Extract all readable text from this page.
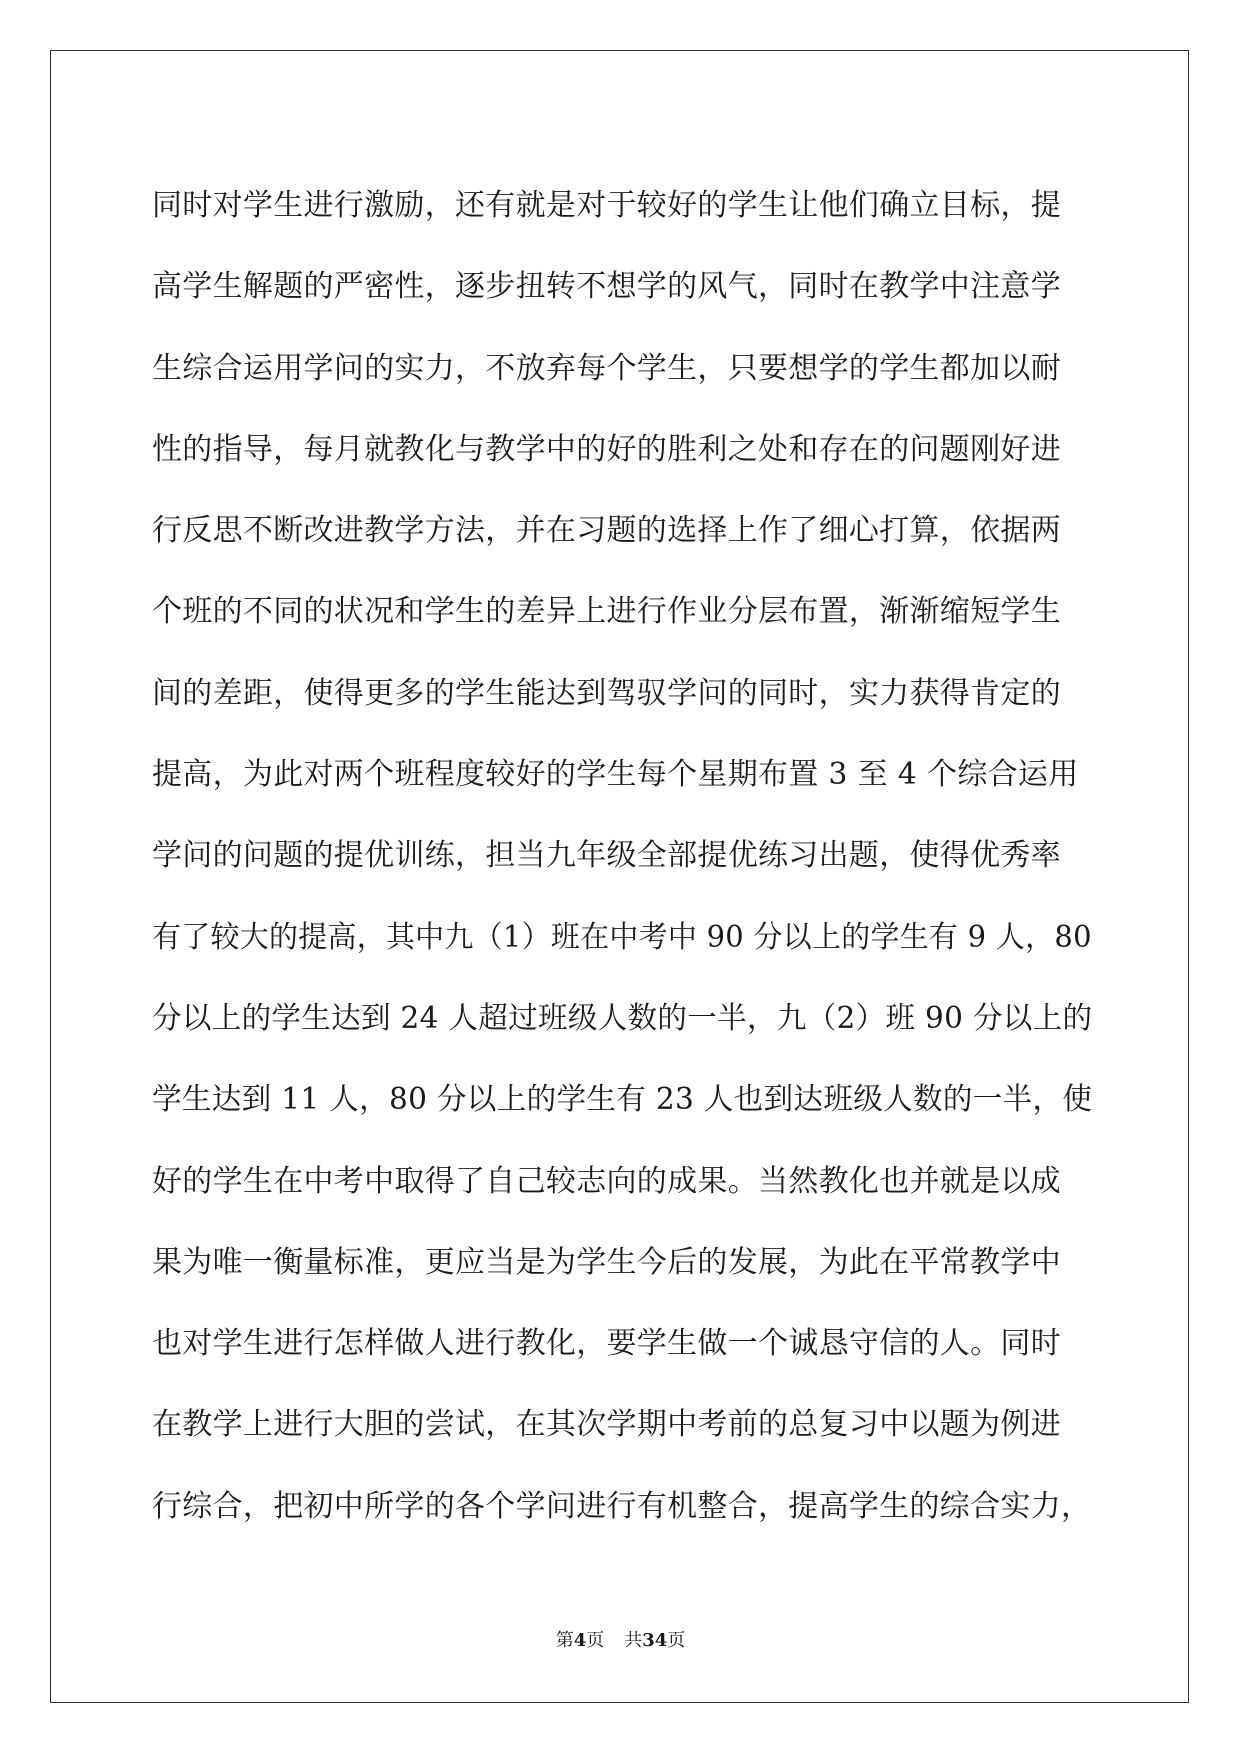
同时对学生进行激励，还有就是对于较好的学生让他们确立目标，提
高学生解题的严密性，逐步扭转不想学的风气，同时在教学中注意学
生综合运用学问的实力，不放弃每个学生，只要想学的学生都加以耐
性的指导，每月就教化与教学中的好的胜利之处和存在的问题刚好进
行反思不断改进教学方法，并在习题的选择上作了细心打算，依据两
个班的不同的状况和学生的差异上进行作业分层布置，渐渐缩短学生
间的差距，使得更多的学生能达到驾驭学问的同时，实力获得肯定的
提高，为此对两个班程度较好的学生每个星期布置 3 至 4 个综合运用
学问的问题的提优训练，担当九年级全部提优练习出题，使得优秀率
有了较大的提高，其中九（1）班在中考中 90 分以上的学生有 9 人，80
分以上的学生达到 24 人超过班级人数的一半，九（2）班 90 分以上的
学生达到 11 人，80 分以上的学生有 23 人也到达班级人数的一半，使
好的学生在中考中取得了自己较志向的成果。当然教化也并就是以成
果为唯一衡量标准，更应当是为学生今后的发展，为此在平常教学中
也对学生进行怎样做人进行教化，要学生做一个诚恳守信的人。同时
在教学上进行大胆的尝试，在其次学期中考前的总复习中以题为例进
行综合，把初中所学的各个学问进行有机整合，提高学生的综合实力，
第4页 共34页
